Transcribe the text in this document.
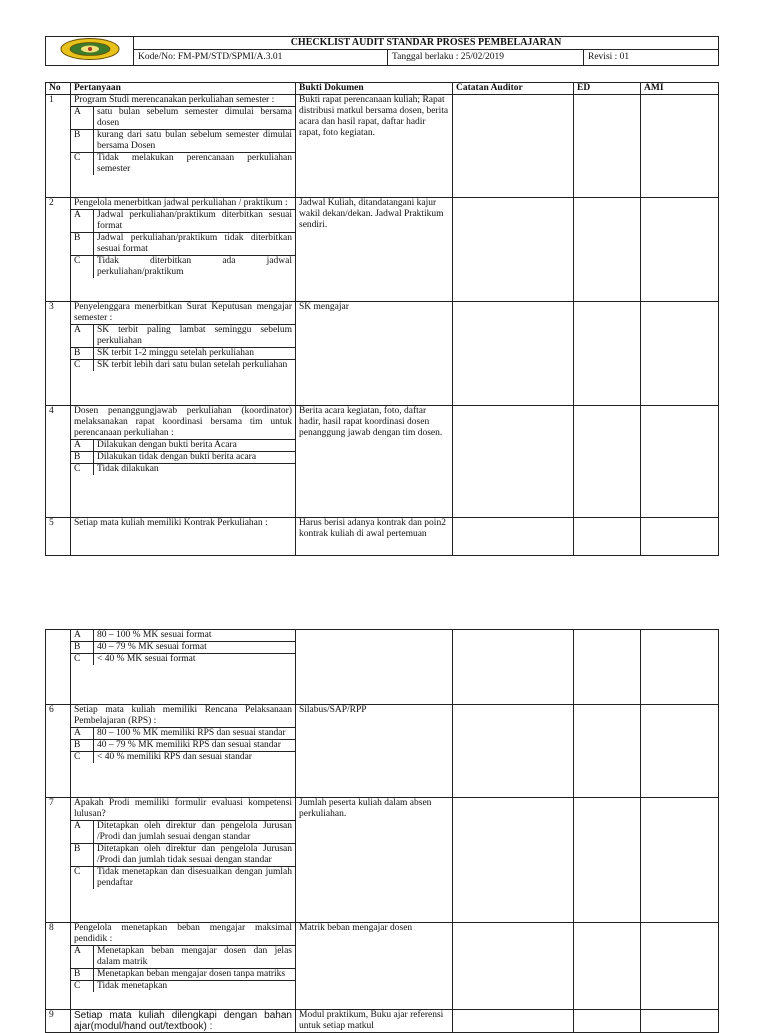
	CHECKLIST AUDIT STANDAR PROSES PEMBELAJARAN		
	Kode/No: FM-PM/STD/SPMI/A.3.01	Tanggal berlaku : 25/02/2019	Revisi : 01
No	Pertanyaan	Bukti Dokumen	Catatan Auditor	ED	AMI
1	Program Studi merencanakan perkuliahan semester :
A	satu bulan sebelum semester dimulai bersama dosen
B	kurang dari satu bulan sebelum semester dimulai bersama Dosen
C	Tidak melakukan perencanaan perkuliahan semester
	Bukti rapat perencanaan kuliah; Rapat distribusi matkul bersama dosen, berita acara dan hasil rapat, daftar hadir rapat, foto kegiatan.			
2	Pengelola menerbitkan jadwal perkuliahan / praktikum :
A	Jadwal perkuliahan/praktikum diterbitkan sesuai format
B	Jadwal perkuliahan/praktikum tidak diterbitkan sesuai format
C	Tidak diterbitkan ada jadwal perkuliahan/praktikum
	Jadwal Kuliah, ditandatangani kajur wakil dekan/dekan. Jadwal Praktikum sendiri.			
3	Penyelenggara menerbitkan Surat Keputusan mengajar semester :
A	SK terbit paling lambat seminggu sebelum perkuliahan
B	SK terbit 1-2 minggu setelah perkuliahan
C	SK terbit lebih dari satu bulan setelah perkuliahan
	SK mengajar			
4	Dosen penanggungjawab perkuliahan (koordinator) melaksanakan rapat koordinasi bersama tim untuk perencanaan perkuliahan :
A	Dilakukan dengan bukti berita Acara
B	Dilakukan tidak dengan bukti berita acara
C	Tidak dilakukan
	Berita acara kegiatan, foto, daftar hadir, hasil rapat koordinasi dosen penanggung jawab dengan tim dosen.			
5	Setiap mata kuliah memiliki Kontrak Perkuliahan :	Harus berisi adanya kontrak dan poin2 kontrak kuliah di awal pertemuan			

A	80 – 100 % MK sesuai format
B	40 – 79 % MK sesuai format
C	< 40 % MK sesuai format

6	Setiap mata kuliah memiliki Rencana Pelaksanaan Pembelajaran (RPS) :
A	80 – 100 % MK memiliki RPS dan sesuai standar
B	40 – 79 % MK memiliki RPS dan sesuai standar
C	< 40 % memiliki RPS dan sesuai standar
	Silabus/SAP/RPP			
7	Apakah Prodi memiliki formulir evaluasi kompetensi lulusan?
A	Ditetapkan oleh direktur dan pengelola Jurusan /Prodi dan jumlah sesuai dengan standar
B	Ditetapkan oleh direktur dan pengelola Jurusan /Prodi dan jumlah tidak sesuai dengan standar
C	Tidak menetapkan dan disesuaikan dengan jumlah pendaftar
	Jumlah peserta kuliah dalam absen perkuliahan.			
8	Pengelola menetapkan beban mengajar maksimal pendidik :
A	Menetapkan beban mengajar dosen dan jelas dalam matrik
B	Menetapkan beban mengajar dosen tanpa matriks
C	Tidak menetapkan
	Matrik beban mengajar dosen			
9	Setiap mata kuliah dilengkapi dengan bahan ajar(modul/hand out/textbook) :
	Modul praktikum, Buku ajar referensi untuk setiap matkul			
